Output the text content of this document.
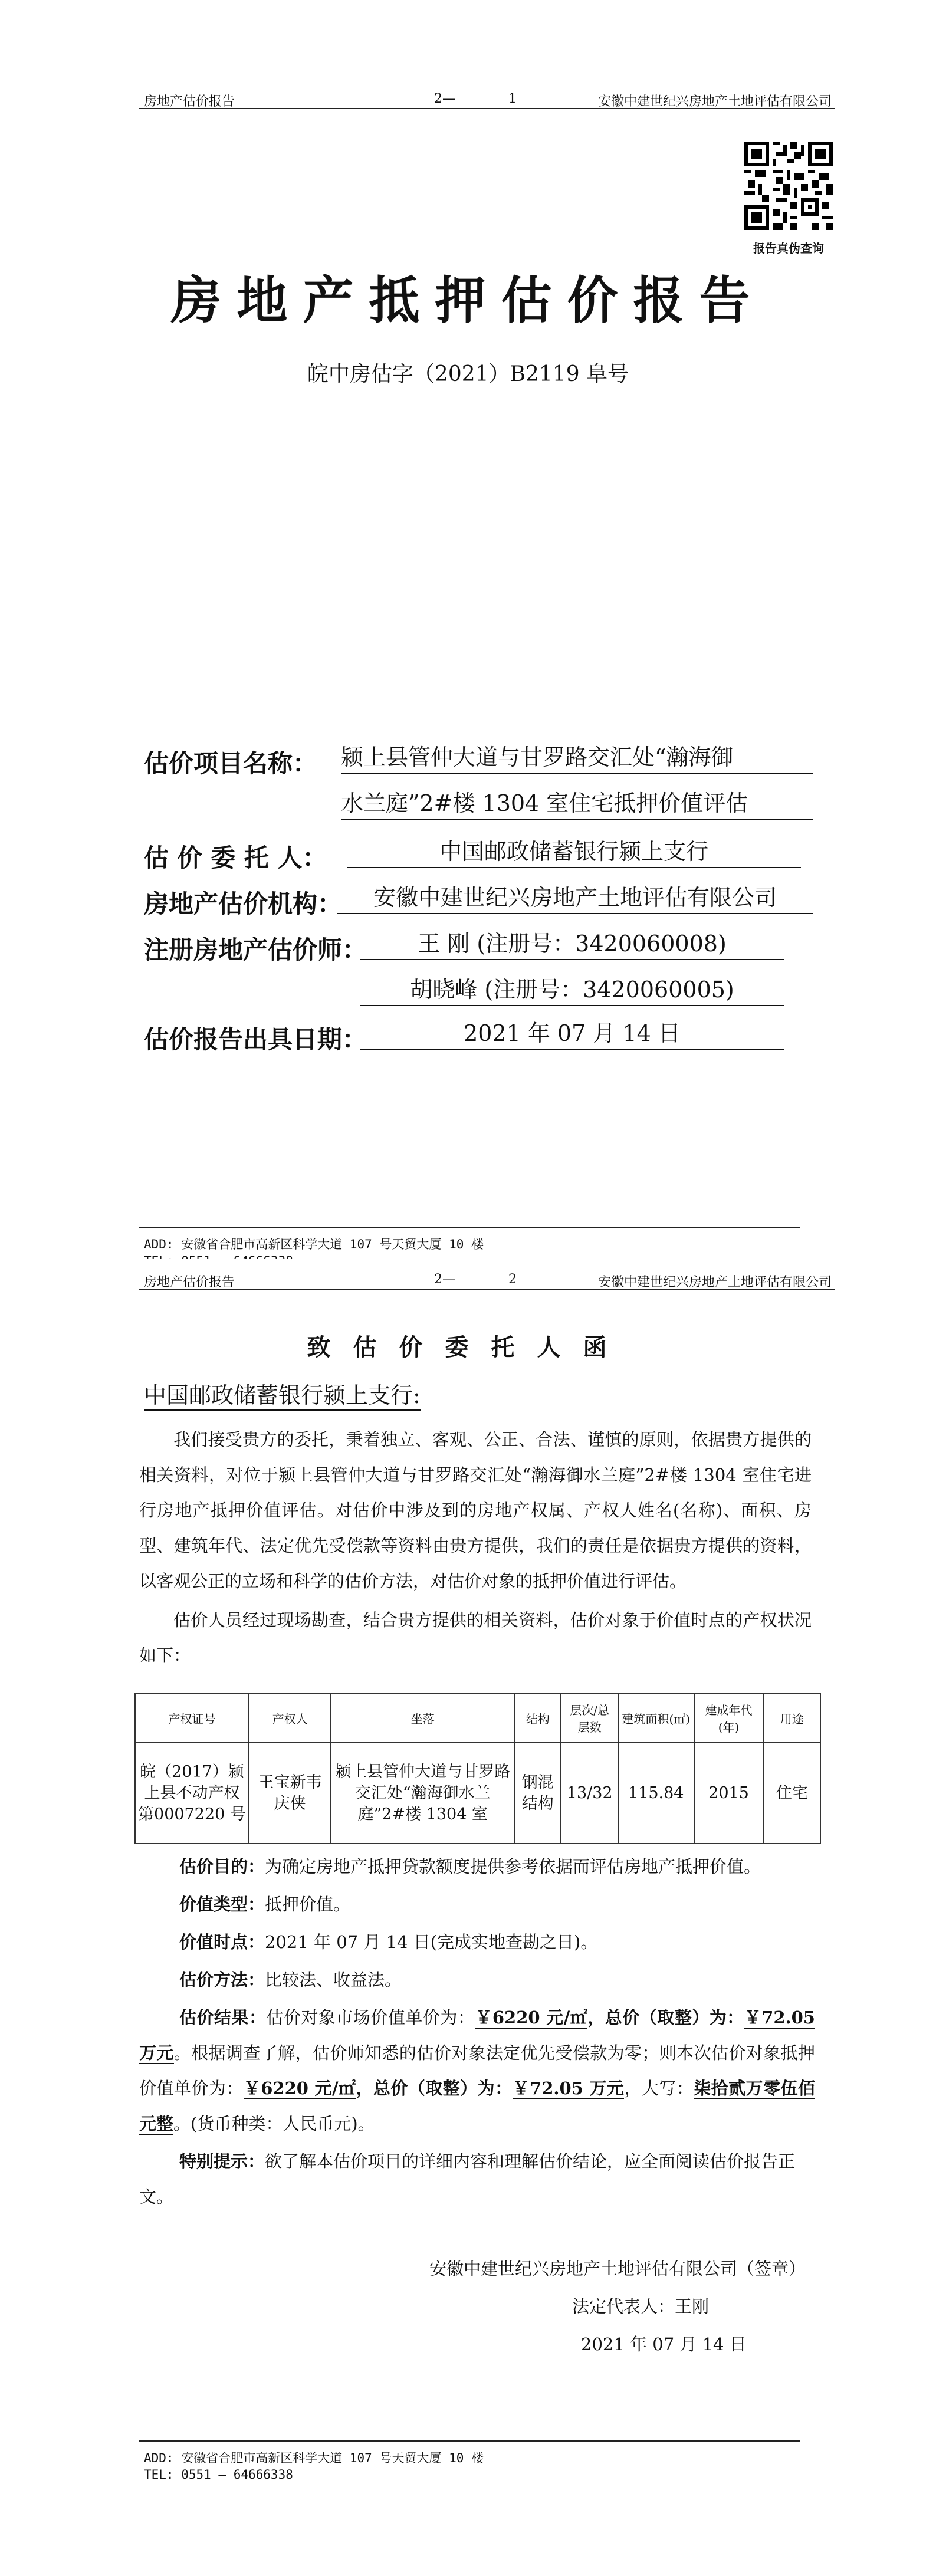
房地产估价报告	2—	1	安徽中建世纪兴房地产土地评估有限公司
报告真伪查询
房地产抵押估价报告
皖中房估字（2021）B2119 阜号
估价项目名称： 颍上县管仲大道与甘罗路交汇处“瀚海御
水兰庭”2#楼 1304 室住宅抵押价值评估
估 价 委 托 人：	中国邮政储蓄银行颍上支行
房地产估价机构：	安徽中建世纪兴房地产土地评估有限公司
注册房地产估价师：	王 刚 (注册号：3420060008)
胡晓峰 (注册号：3420060005)
估价报告出具日期：	2021 年 07 月 14 日
ADD: 安徽省合肥市高新区科学大道 107 号天贸大厦 10 楼
房地产估价报告	2—	2	安徽中建世纪兴房地产土地评估有限公司
致估价委托人函
中国邮政储蓄银行颍上支行:
我们接受贵方的委托，秉着独立、客观、公正、合法、谨慎的原则，依据贵方提供的相关资料，对位于颍上县管仲大道与甘罗路交汇处“瀚海御水兰庭”2#楼 1304 室住宅进行房地产抵押价值评估。对估价中涉及到的房地产权属、产权人姓名(名称)、面积、房型、建筑年代、法定优先受偿款等资料由贵方提供，我们的责任是依据贵方提供的资料，以客观公正的立场和科学的估价方法，对估价对象的抵押价值进行评估。
估价人员经过现场勘查，结合贵方提供的相关资料，估价对象于价值时点的产权状况如下：
产权证号	产权人	坐落	结构	层次/总层数	建筑面积(㎡)	建成年代(年)	用途
皖（2017）颍上县不动产权第0007220 号	王宝新韦庆侠	颍上县管仲大道与甘罗路交汇处“瀚海御水兰庭”2#楼 1304 室	钢混结构	13/32	115.84	2015	住宅
估价目的：为确定房地产抵押贷款额度提供参考依据而评估房地产抵押价值。
价值类型：抵押价值。
价值时点：2021 年 07 月 14 日(完成实地查勘之日)。
估价方法：比较法、收益法。
估价结果：估价对象市场价值单价为：￥6220 元/㎡，总价（取整）为：￥72.05 万元。根据调查了解，估价师知悉的估价对象法定优先受偿款为零；则本次估价对象抵押价值单价为：￥6220 元/㎡，总价（取整）为：￥72.05 万元，大写：柒拾贰万零伍佰元整。(货币种类：人民币元)。
特别提示：欲了解本估价项目的详细内容和理解估价结论，应全面阅读估价报告正文。
安徽中建世纪兴房地产土地评估有限公司（签章）
法定代表人：王刚
2021 年 07 月 14 日
ADD: 安徽省合肥市高新区科学大道 107 号天贸大厦 10 楼
TEL: 0551 — 64666338
